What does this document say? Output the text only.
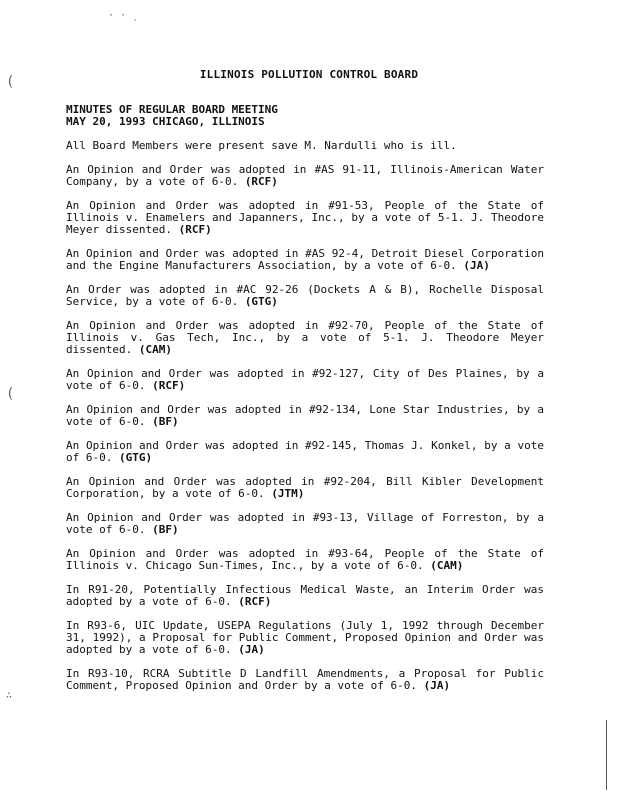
· · ˎ
(
(
∴
ILLINOIS POLLUTION CONTROL BOARD
MINUTES OF REGULAR BOARD MEETING
MAY 20, 1993 CHICAGO, ILLINOIS
All Board Members were present save M. Nardulli who is ill.
An Opinion and Order was adopted in #AS 91-11, Illinois-American Water Company, by a vote of 6-0. (RCF)
An Opinion and Order was adopted in #91-53, People of the State of Illinois v. Enamelers and Japanners, Inc., by a vote of 5-1. J. Theodore Meyer dissented. (RCF)
An Opinion and Order was adopted in #AS 92-4, Detroit Diesel Corporation and the Engine Manufacturers Association, by a vote of 6-0. (JA)
An Order was adopted in #AC 92-26 (Dockets A & B), Rochelle Disposal Service, by a vote of 6-0. (GTG)
An Opinion and Order was adopted in #92-70, People of the State of Illinois v. Gas Tech, Inc., by a vote of 5-1. J. Theodore Meyer dissented. (CAM)
An Opinion and Order was adopted in #92-127, City of Des Plaines, by a vote of 6-0. (RCF)
An Opinion and Order was adopted in #92-134, Lone Star Industries, by a vote of 6-0. (BF)
An Opinion and Order was adopted in #92-145, Thomas J. Konkel, by a vote of 6-0. (GTG)
An Opinion and Order was adopted in #92-204, Bill Kibler Development Corporation, by a vote of 6-0. (JTM)
An Opinion and Order was adopted in #93-13, Village of Forreston, by a vote of 6-0. (BF)
An Opinion and Order was adopted in #93-64, People of the State of Illinois v. Chicago Sun-Times, Inc., by a vote of 6-0. (CAM)
In R91-20, Potentially Infectious Medical Waste, an Interim Order was adopted by a vote of 6-0. (RCF)
In R93-6, UIC Update, USEPA Regulations (July 1, 1992 through December 31, 1992), a Proposal for Public Comment, Proposed Opinion and Order was adopted by a vote of 6-0. (JA)
In R93-10, RCRA Subtitle D Landfill Amendments, a Proposal for Public Comment, Proposed Opinion and Order by a vote of 6-0. (JA)
